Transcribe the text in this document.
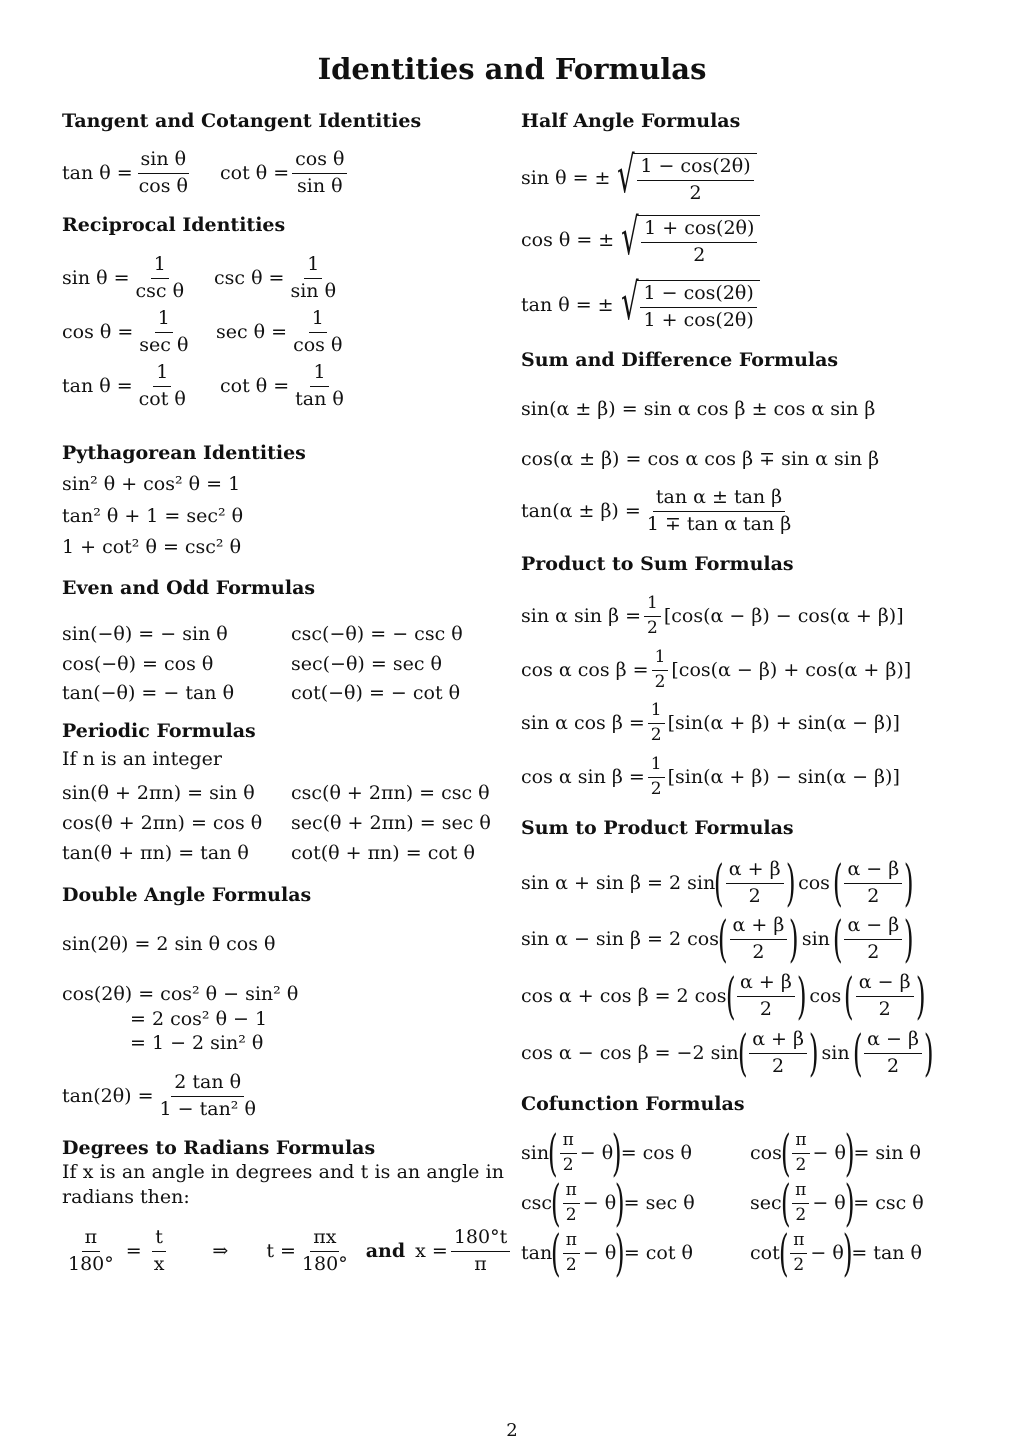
Identities and Formulas
Tangent and Cotangent Identities
$\tan \theta = \frac{\text{sin θ}}{\text{cos θ}}$ $\cot \theta = \frac{\text{cos θ}}{\text{sin θ}}$
Reciprocal Identities
$\sin \theta = \frac{1}{\text{csc θ}}$ $\csc \theta = \frac{1}{\text{sin θ}}$
$\cos \theta = \frac{1}{\text{sec θ}}$ $\sec \theta = \frac{1}{\text{cos θ}}$
$\tan \theta = \frac{1}{\text{cot θ}}$ $\cot \theta = \frac{1}{\text{tan θ}}$
Pythagorean Identities
sin² θ + cos² θ = 1
tan² θ + 1 = sec² θ
1 + cot² θ = csc² θ
Even and Odd Formulas
sin(−θ) = − sin θ	csc(−θ) = − csc θ
cos(−θ) = cos θ	sec(−θ) = sec θ
tan(−θ) = − tan θ	cot(−θ) = − cot θ
Periodic Formulas
If n is an integer
sin(θ + 2πn) = sin θ csc(θ + 2πn) = csc θ
cos(θ + 2πn) = cos θ sec(θ + 2πn) = sec θ
tan(θ + πn) = tan θ cot(θ + πn) = cot θ
Double Angle Formulas
sin(2θ) = 2 sin θ cos θ
cos(2θ) = cos² θ − sin² θ
= 2 cos² θ − 1
= 1 − 2 sin² θ
$\tan(2\theta) = \frac{\text{2 tan θ}}{\text{1 − tan² θ}}$
Degrees to Radians Formulas
If x is an angle in degrees and t is an angle in radians then:
$\frac{\pi}{180^\circ} = \frac{t}{x}$ ⇒ $t = \frac{\pi x}{180^\circ}$ and $x = \frac{180^\circ t}{\pi}$
Half Angle Formulas
sin θ = ± √ $\frac{1 - \cos(2\theta)}{2}$
cos θ = ± √ $\frac{1 + \cos(2\theta)}{2}$
tan θ = ± √ $\frac{1 - \cos(2\theta)}{1 + \cos(2\theta)}$
Sum and Difference Formulas
sin(α ± β) = sin α cos β ± cos α sin β
cos(α ± β) = cos α cos β ∓ sin α sin β
$\tan(\alpha \pm \beta) = \frac{\text{tan α ± tan β}}{\text{1 ∓ tan α tan β}}$
Product to Sum Formulas
sin α $\sin \beta = \frac{1}{2} [\cos(\alpha - \beta) - \cos(\alpha + \beta)]$
cos α $\cos \beta = \frac{1}{2} [\cos(\alpha - \beta) + \cos(\alpha + \beta)]$
sin α $\cos \beta = \frac{1}{2} [\sin(\alpha + \beta) + \sin(\alpha - \beta)]$
cos α $\sin \beta = \frac{1}{2} [\sin(\alpha + \beta) - \sin(\alpha - \beta)]$
Sum to Product Formulas
sin α + sin β = 2 sin
( $\frac{\alpha + \beta}{2}$ ) cos ( $\frac{\alpha - \beta}{2}$ )
sin α − sin β = 2 cos
( $\frac{\alpha + \beta}{2}$ ) sin ( $\frac{\alpha - \beta}{2}$ )
cos α + cos β = 2 cos
( $\frac{\alpha + \beta}{2}$ ) cos ( $\frac{\alpha - \beta}{2}$ )
cos α − cos β = −2 sin
( $\frac{\alpha + \beta}{2}$ ) sin ( $\frac{\alpha - \beta}{2}$ )
Cofunction Formulas
sin
( $\frac{\pi}{2} - \theta$
)
= cos θ	cos
( $\frac{\pi}{2} - \theta$
)
= sin θ
csc
( $\frac{\pi}{2} - \theta$
)
= sec θ	sec
( $\frac{\pi}{2} - \theta$
)
= csc θ
tan
( $\frac{\pi}{2} - \theta$
)
= cot θ	cot
( $\frac{\pi}{2} - \theta$
)
= tan θ
2
